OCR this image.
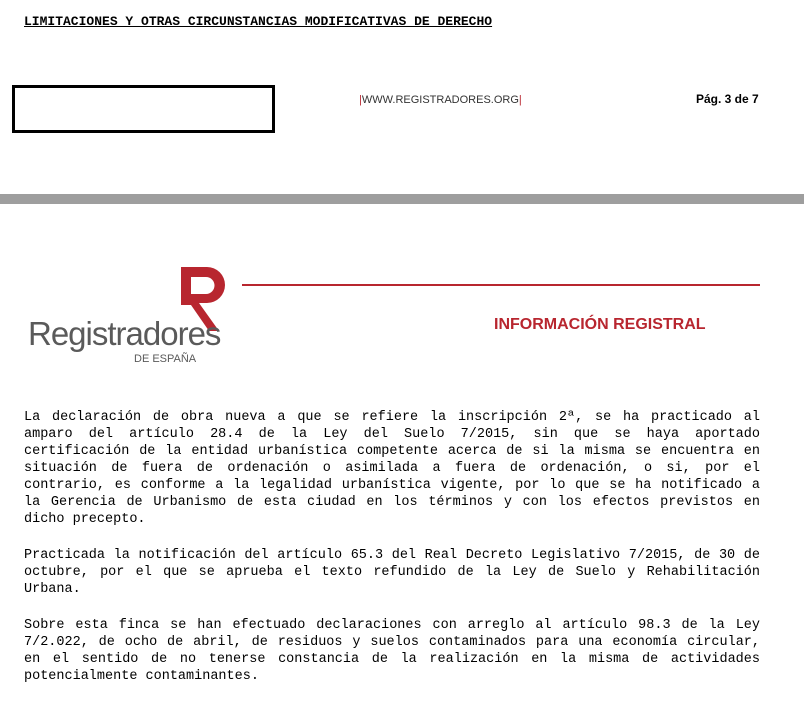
LIMITACIONES Y OTRAS CIRCUNSTANCIAS MODIFICATIVAS DE DERECHO
|WWW.REGISTRADORES.ORG|	Pág. 3 de 7
Registradores
DE ESPAÑA
INFORMACIÓN REGISTRAL

La declaración de obra nueva a que se refiere la inscripción 2ª, se ha practicado al amparo del artículo 28.4 de la Ley del Suelo 7/2015, sin que se haya aportado certificación de la entidad urbanística competente acerca de si la misma se encuentra en situación de fuera de ordenación o asimilada a fuera de ordenación, o si, por el contrario, es conforme a la legalidad urbanística vigente, por lo que se ha notificado a la Gerencia de Urbanismo de esta ciudad en los términos y con los efectos previstos en dicho precepto.

Practicada la notificación del artículo 65.3 del Real Decreto Legislativo 7/2015, de 30 de octubre, por el que se aprueba el texto refundido de la Ley de Suelo y Rehabilitación Urbana.

Sobre esta finca se han efectuado declaraciones con arreglo al artículo 98.3 de la Ley 7/2.022, de ocho de abril, de residuos y suelos contaminados para una economía circular, en el sentido de no tenerse constancia de la realización en la misma de actividades potencialmente contaminantes.
